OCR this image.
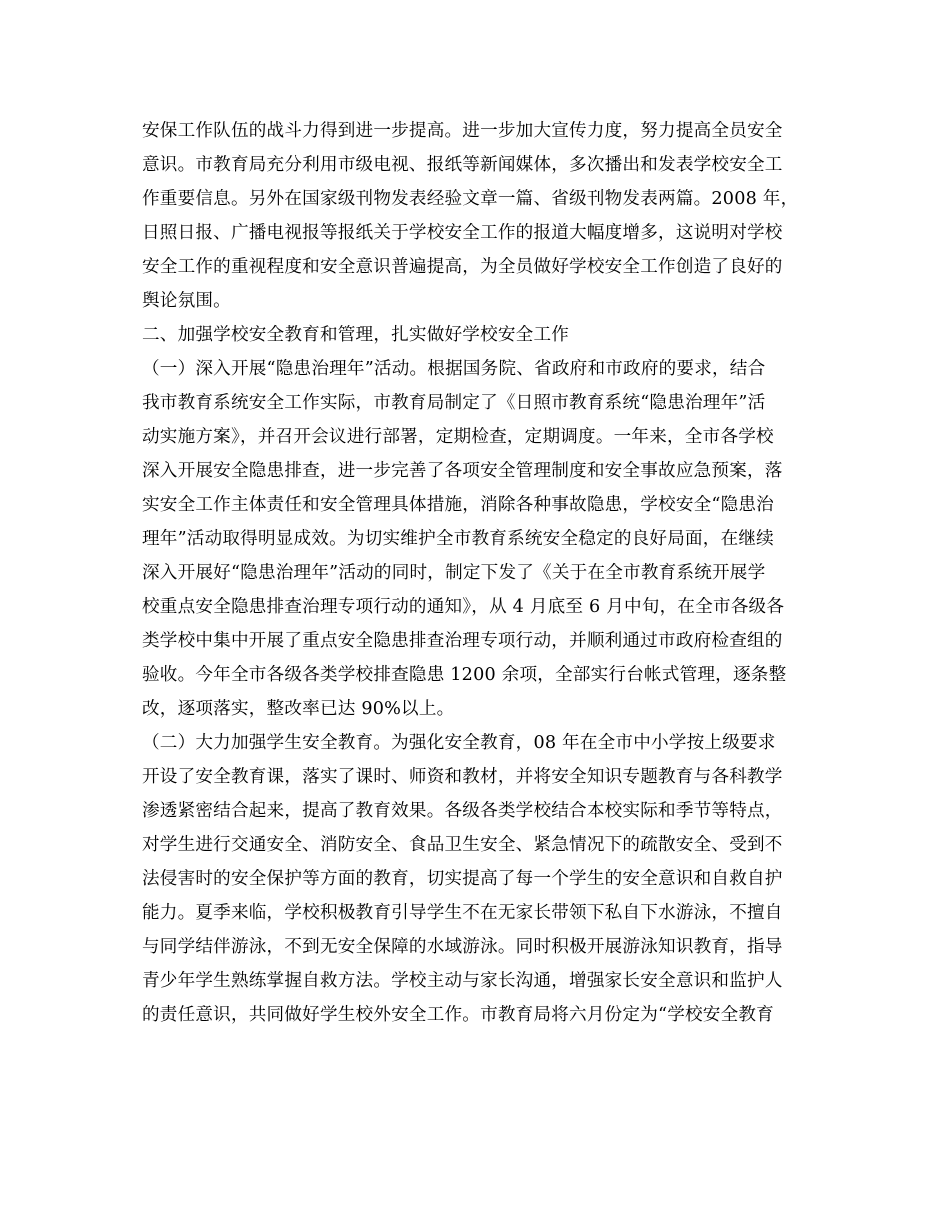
安保工作队伍的战斗力得到进一步提高。进一步加大宣传力度，努力提高全员安全
意识。市教育局充分利用市级电视、报纸等新闻媒体，多次播出和发表学校安全工
作重要信息。另外在国家级刊物发表经验文章一篇、省级刊物发表两篇。2008 年，
日照日报、广播电视报等报纸关于学校安全工作的报道大幅度增多，这说明对学校
安全工作的重视程度和安全意识普遍提高，为全员做好学校安全工作创造了良好的
舆论氛围。
二、加强学校安全教育和管理，扎实做好学校安全工作
（一）深入开展“隐患治理年”活动。根据国务院、省政府和市政府的要求，结合
我市教育系统安全工作实际，市教育局制定了《日照市教育系统“隐患治理年”活
动实施方案》，并召开会议进行部署，定期检查，定期调度。一年来，全市各学校
深入开展安全隐患排查，进一步完善了各项安全管理制度和安全事故应急预案，落
实安全工作主体责任和安全管理具体措施，消除各种事故隐患，学校安全“隐患治
理年”活动取得明显成效。为切实维护全市教育系统安全稳定的良好局面，在继续
深入开展好“隐患治理年”活动的同时，制定下发了《关于在全市教育系统开展学
校重点安全隐患排查治理专项行动的通知》，从 4 月底至 6 月中旬，在全市各级各
类学校中集中开展了重点安全隐患排查治理专项行动，并顺利通过市政府检查组的
验收。今年全市各级各类学校排查隐患 1200 余项，全部实行台帐式管理，逐条整
改，逐项落实，整改率已达 90%以上。
（二）大力加强学生安全教育。为强化安全教育，08 年在全市中小学按上级要求
开设了安全教育课，落实了课时、师资和教材，并将安全知识专题教育与各科教学
渗透紧密结合起来，提高了教育效果。各级各类学校结合本校实际和季节等特点，
对学生进行交通安全、消防安全、食品卫生安全、紧急情况下的疏散安全、受到不
法侵害时的安全保护等方面的教育，切实提高了每一个学生的安全意识和自救自护
能力。夏季来临，学校积极教育引导学生不在无家长带领下私自下水游泳，不擅自
与同学结伴游泳，不到无安全保障的水域游泳。同时积极开展游泳知识教育，指导
青少年学生熟练掌握自救方法。学校主动与家长沟通，增强家长安全意识和监护人
的责任意识，共同做好学生校外安全工作。市教育局将六月份定为“学校安全教育
